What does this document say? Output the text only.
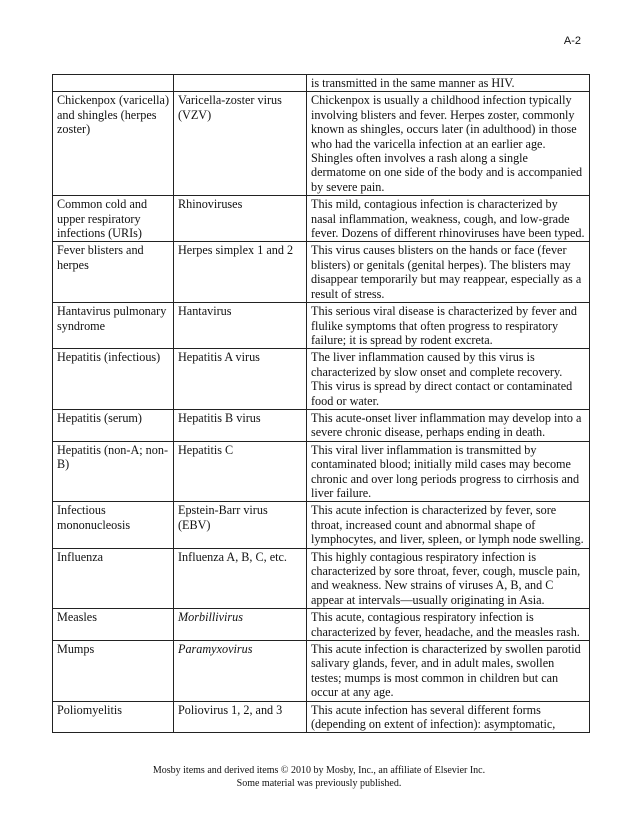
A-2
		is transmitted in the same manner as HIV.
Chickenpox (varicella) and shingles (herpes zoster)	Varicella-zoster virus (VZV)	Chickenpox is usually a childhood infection typically involving blisters and fever. Herpes zoster, commonly known as shingles, occurs later (in adulthood) in those who had the varicella infection at an earlier age. Shingles often involves a rash along a single dermatome on one side of the body and is accompanied by severe pain.
Common cold and upper respiratory infections (URIs)	Rhinoviruses	This mild, contagious infection is characterized by nasal inflammation, weakness, cough, and low-grade fever. Dozens of different rhinoviruses have been typed.
Fever blisters and herpes	Herpes simplex 1 and 2	This virus causes blisters on the hands or face (fever blisters) or genitals (genital herpes). The blisters may disappear temporarily but may reappear, especially as a result of stress.
Hantavirus pulmonary syndrome	Hantavirus	This serious viral disease is characterized by fever and flulike symptoms that often progress to respiratory failure; it is spread by rodent excreta.
Hepatitis (infectious)	Hepatitis A virus	The liver inflammation caused by this virus is characterized by slow onset and complete recovery. This virus is spread by direct contact or contaminated food or water.
Hepatitis (serum)	Hepatitis B virus	This acute-onset liver inflammation may develop into a severe chronic disease, perhaps ending in death.
Hepatitis (non-A; non-B)	Hepatitis C	This viral liver inflammation is transmitted by contaminated blood; initially mild cases may become chronic and over long periods progress to cirrhosis and liver failure.
Infectious mononucleosis	Epstein-Barr virus (EBV)	This acute infection is characterized by fever, sore throat, increased count and abnormal shape of lymphocytes, and liver, spleen, or lymph node swelling.
Influenza	Influenza A, B, C, etc.	This highly contagious respiratory infection is characterized by sore throat, fever, cough, muscle pain, and weakness. New strains of viruses A, B, and C appear at intervals—usually originating in Asia.
Measles	Morbillivirus	This acute, contagious respiratory infection is characterized by fever, headache, and the measles rash.
Mumps	Paramyxovirus	This acute infection is characterized by swollen parotid salivary glands, fever, and in adult males, swollen testes; mumps is most common in children but can occur at any age.
Poliomyelitis	Poliovirus 1, 2, and 3	This acute infection has several different forms (depending on extent of infection): asymptomatic,
Mosby items and derived items © 2010 by Mosby, Inc., an affiliate of Elsevier Inc.
Some material was previously published.
